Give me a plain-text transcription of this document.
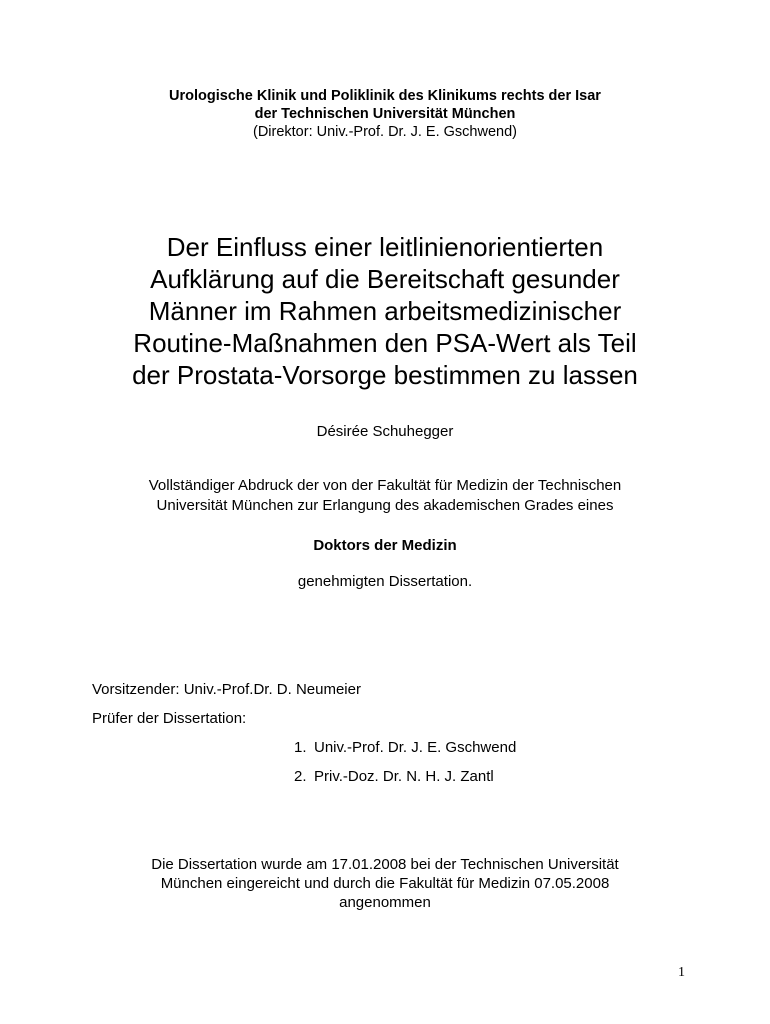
Urologische Klinik und Poliklinik des Klinikums rechts der Isar
der Technischen Universität München
(Direktor: Univ.-Prof. Dr. J. E. Gschwend)
Der Einfluss einer leitlinienorientierten
Aufklärung auf die Bereitschaft gesunder
Männer im Rahmen arbeitsmedizinischer
Routine-Maßnahmen den PSA-Wert als Teil
der Prostata-Vorsorge bestimmen zu lassen
Désirée Schuhegger
Vollständiger Abdruck der von der Fakultät für Medizin der Technischen
Universität München zur Erlangung des akademischen Grades eines
Doktors der Medizin
genehmigten Dissertation.
Vorsitzender: Univ.-Prof.Dr. D. Neumeier
Prüfer der Dissertation:
1. Univ.-Prof. Dr. J. E. Gschwend
2. Priv.-Doz. Dr. N. H. J. Zantl
Die Dissertation wurde am 17.01.2008 bei der Technischen Universität
München eingereicht und durch die Fakultät für Medizin 07.05.2008
angenommen
1
